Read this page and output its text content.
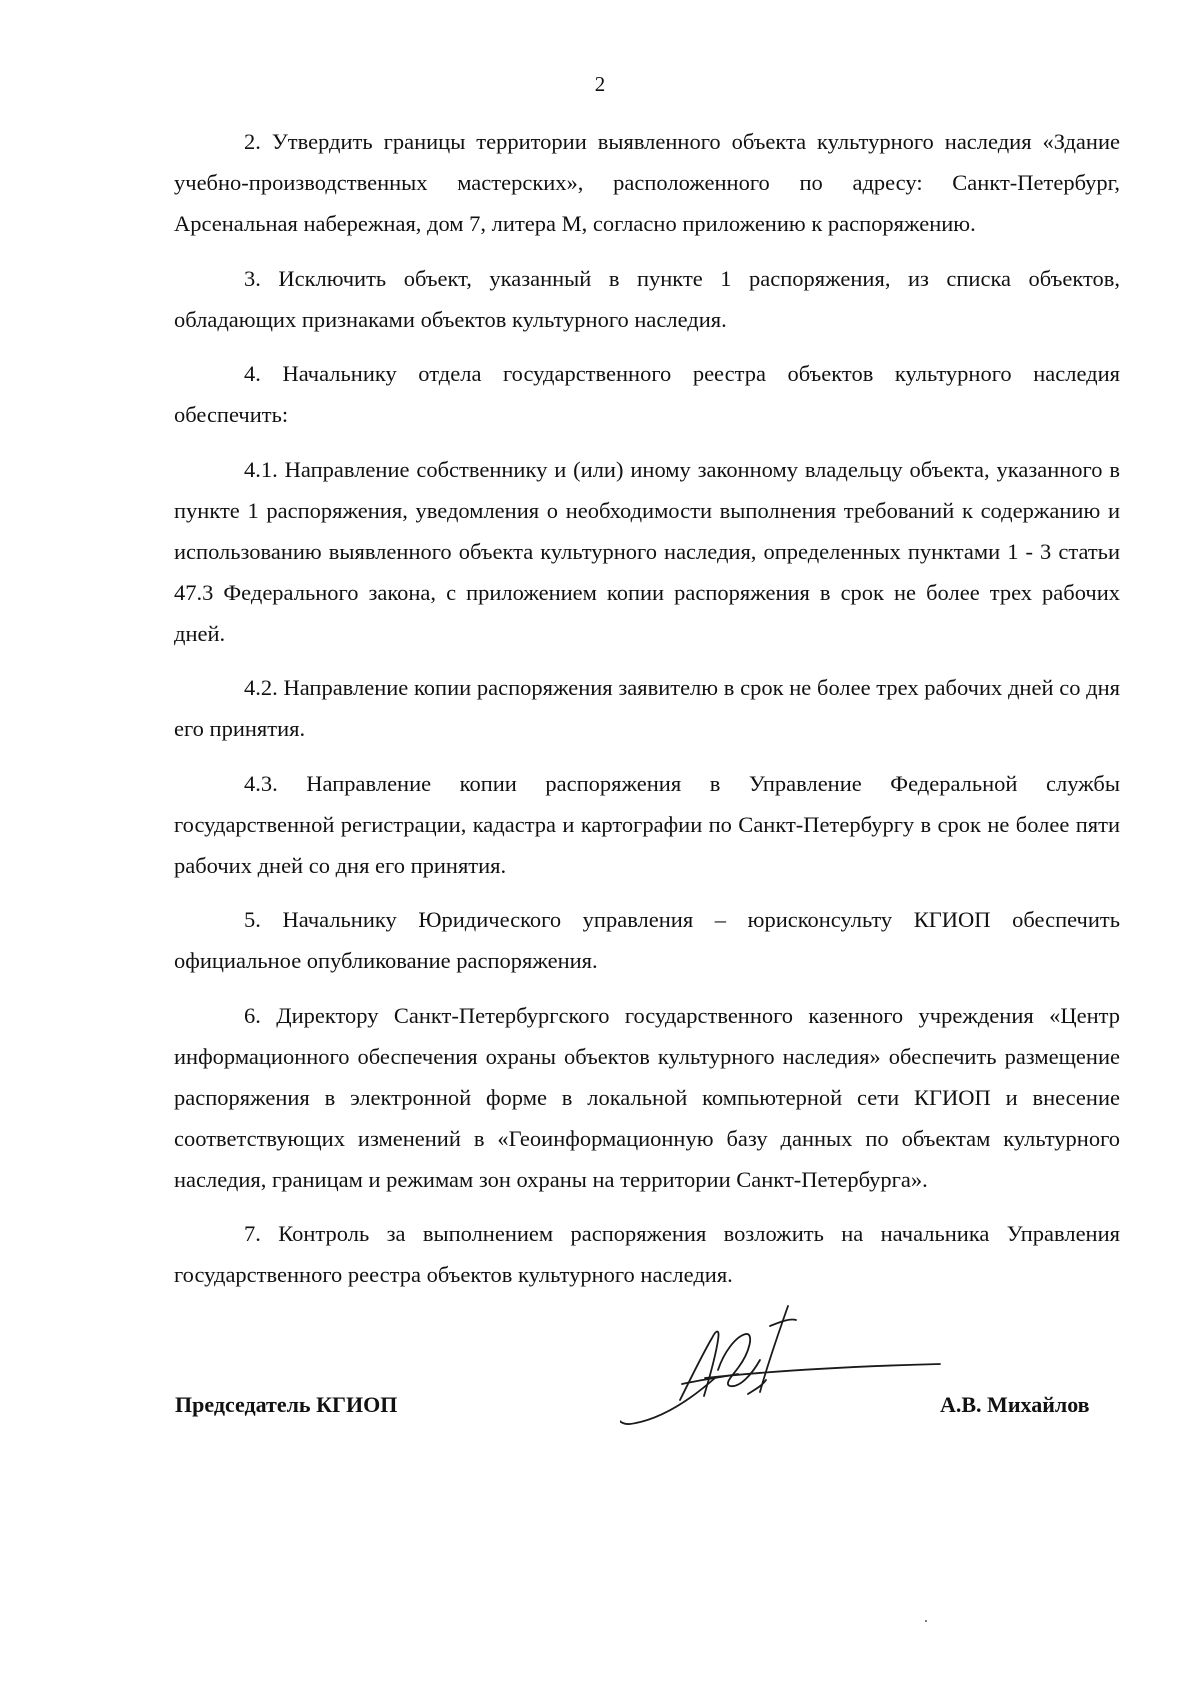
2

2. Утвердить границы территории выявленного объекта культурного наследия «Здание учебно-производственных мастерских», расположенного по адресу: Санкт-Петербург, Арсенальная набережная, дом 7, литера М, согласно приложению к распоряжению.

3. Исключить объект, указанный в пункте 1 распоряжения, из списка объектов, обладающих признаками объектов культурного наследия.

4. Начальнику отдела государственного реестра объектов культурного наследия обеспечить:

4.1. Направление собственнику и (или) иному законному владельцу объекта, указанного в пункте 1 распоряжения, уведомления о необходимости выполнения требований к содержанию и использованию выявленного объекта культурного наследия, определенных пунктами 1 - 3 статьи 47.3 Федерального закона, с приложением копии распоряжения в срок не более трех рабочих дней.

4.2. Направление копии распоряжения заявителю в срок не более трех рабочих дней со дня его принятия.

4.3. Направление копии распоряжения в Управление Федеральной службы государственной регистрации, кадастра и картографии по Санкт-Петербургу в срок не более пяти рабочих дней со дня его принятия.

5. Начальнику Юридического управления – юрисконсульту КГИОП обеспечить официальное опубликование распоряжения.

6. Директору Санкт-Петербургского государственного казенного учреждения «Центр информационного обеспечения охраны объектов культурного наследия» обеспечить размещение распоряжения в электронной форме в локальной компьютерной сети КГИОП и внесение соответствующих изменений в «Геоинформационную базу данных по объектам культурного наследия, границам и режимам зон охраны на территории Санкт-Петербурга».

7. Контроль за выполнением распоряжения возложить на начальника Управления государственного реестра объектов культурного наследия.

Председатель КГИОП	А.В. Михайлов
